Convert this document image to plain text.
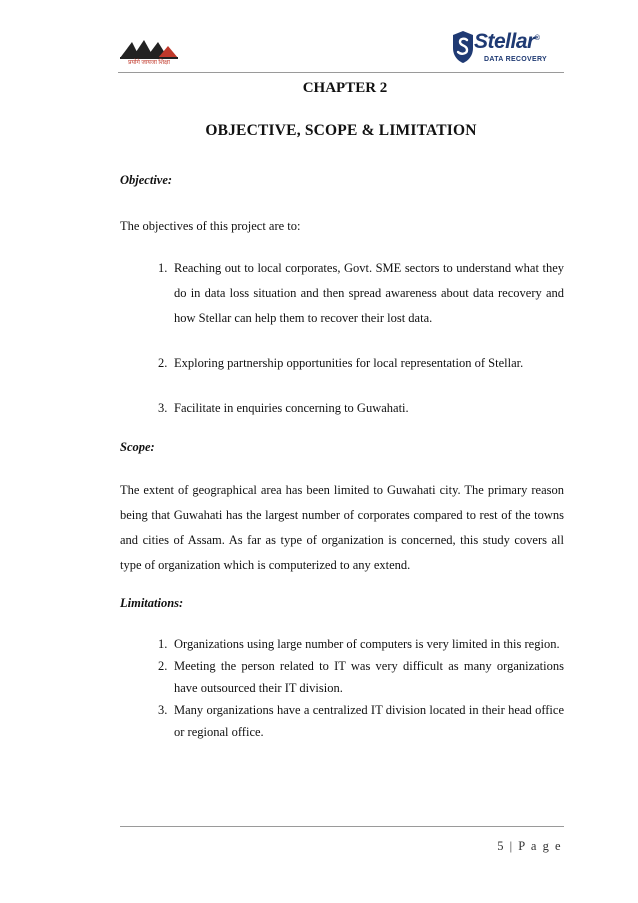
प्रयोगे जायजा शिक्षा
Stellar®
DATA RECOVERY
CHAPTER 2
OBJECTIVE, SCOPE & LIMITATION
Objective:
The objectives of this project are to:
1. Reaching out to local corporates, Govt. SME sectors to understand what they do in data loss situation and then spread awareness about data recovery and how Stellar can help them to recover their lost data.
2. Exploring partnership opportunities for local representation of Stellar.
3. Facilitate in enquiries concerning to Guwahati.
Scope:
The extent of geographical area has been limited to Guwahati city. The primary reason being that Guwahati has the largest number of corporates compared to rest of the towns and cities of Assam. As far as type of organization is concerned, this study covers all type of organization which is computerized to any extend.
Limitations:
1. Organizations using large number of computers is very limited in this region.
2. Meeting the person related to IT was very difficult as many organizations have outsourced their IT division.
3. Many organizations have a centralized IT division located in their head office or regional office.
5 | P a g e
